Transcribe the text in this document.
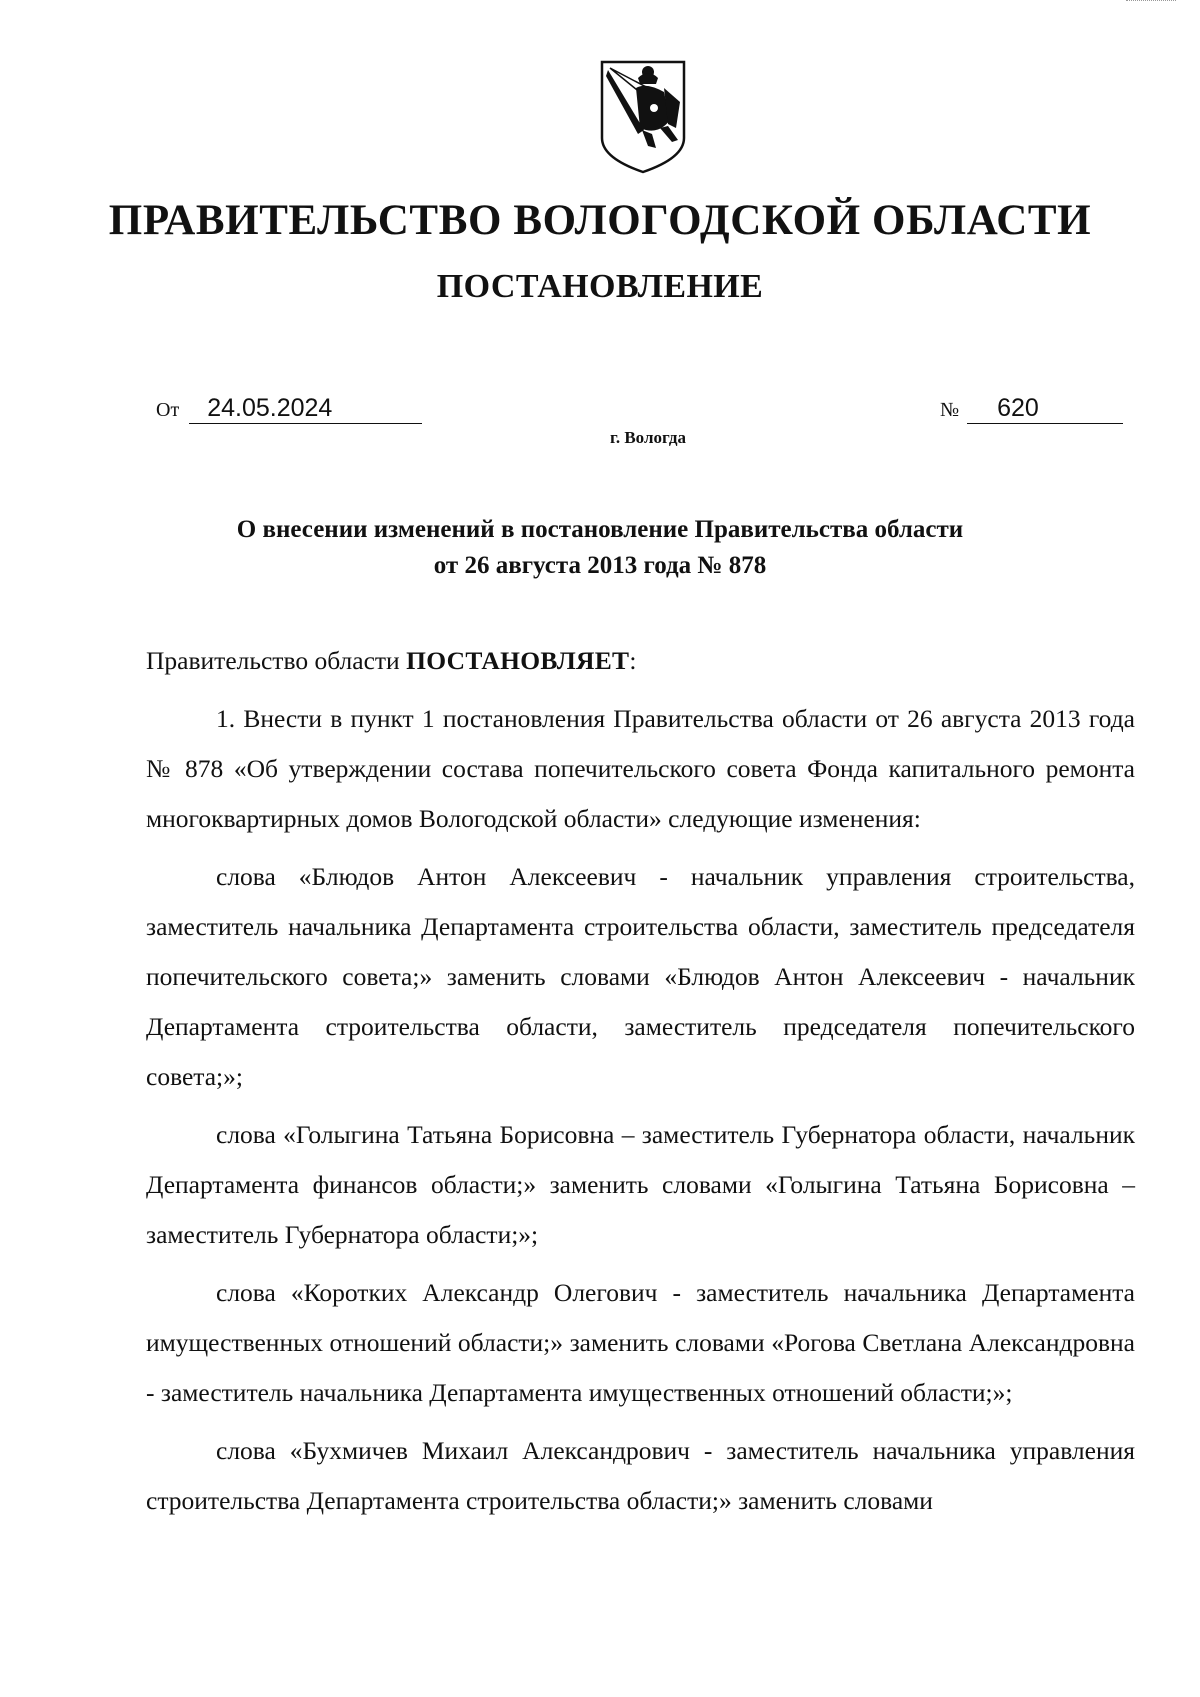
ПРАВИТЕЛЬСТВО ВОЛОГОДСКОЙ ОБЛАСТИ
ПОСТАНОВЛЕНИЕ
От 24.05.2024	№ 620
г. Вологда
О внесении изменений в постановление Правительства области
от 26 августа 2013 года № 878

Правительство области ПОСТАНОВЛЯЕТ:

1. Внести в пункт 1 постановления Правительства области от 26 августа 2013 года № 878 «Об утверждении состава попечительского совета Фонда капитального ремонта многоквартирных домов Вологодской области» следующие изменения:

слова «Блюдов Антон Алексеевич - начальник управления строительства, заместитель начальника Департамента строительства области, заместитель председателя попечительского совета;» заменить словами «Блюдов Антон Алексеевич - начальник Департамента строительства области, заместитель председателя попечительского совета;»;

слова «Голыгина Татьяна Борисовна – заместитель Губернатора области, начальник Департамента финансов области;» заменить словами «Голыгина Татьяна Борисовна – заместитель Губернатора области;»;

слова «Коротких Александр Олегович - заместитель начальника Департамента имущественных отношений области;» заменить словами «Рогова Светлана Александровна - заместитель начальника Департамента имущественных отношений области;»;

слова «Бухмичев Михаил Александрович - заместитель начальника управления строительства Департамента строительства области;» заменить словами
